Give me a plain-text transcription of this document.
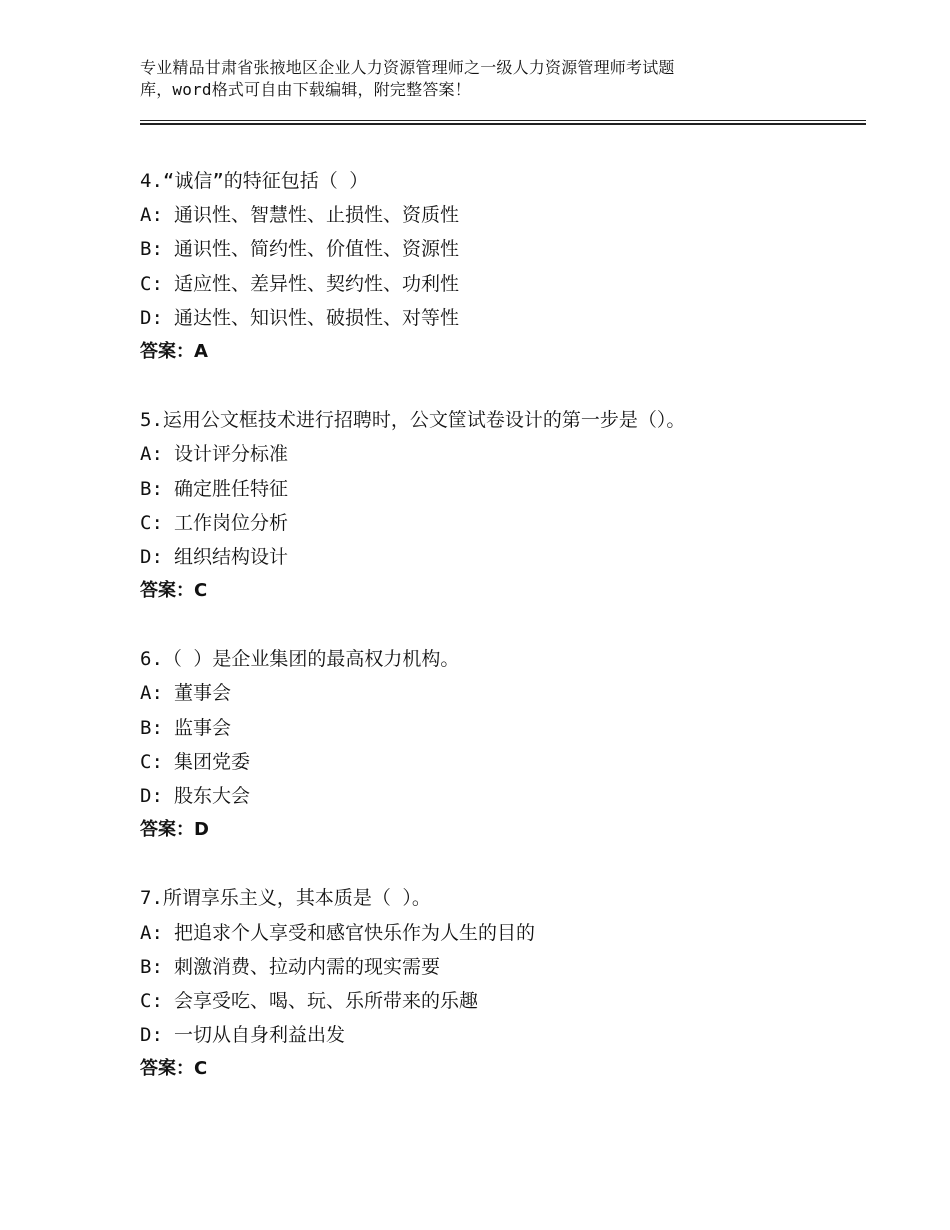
专业精品甘肃省张掖地区企业人力资源管理师之一级人力资源管理师考试题
库，word格式可自由下载编辑，附完整答案！
4.“诚信”的特征包括（ ）
A: 通识性、智慧性、止损性、资质性
B: 通识性、简约性、价值性、资源性
C: 适应性、差异性、契约性、功利性
D: 通达性、知识性、破损性、对等性
答案：A
5.运用公文框技术进行招聘时，公文筐试卷设计的第一步是（）。
A: 设计评分标准
B: 确定胜任特征
C: 工作岗位分析
D: 组织结构设计
答案：C
6.（ ）是企业集团的最高权力机构。
A: 董事会
B: 监事会
C: 集团党委
D: 股东大会
答案：D
7.所谓享乐主义，其本质是（ ）。
A: 把追求个人享受和感官快乐作为人生的目的
B: 刺激消费、拉动内需的现实需要
C: 会享受吃、喝、玩、乐所带来的乐趣
D: 一切从自身利益出发
答案：C
